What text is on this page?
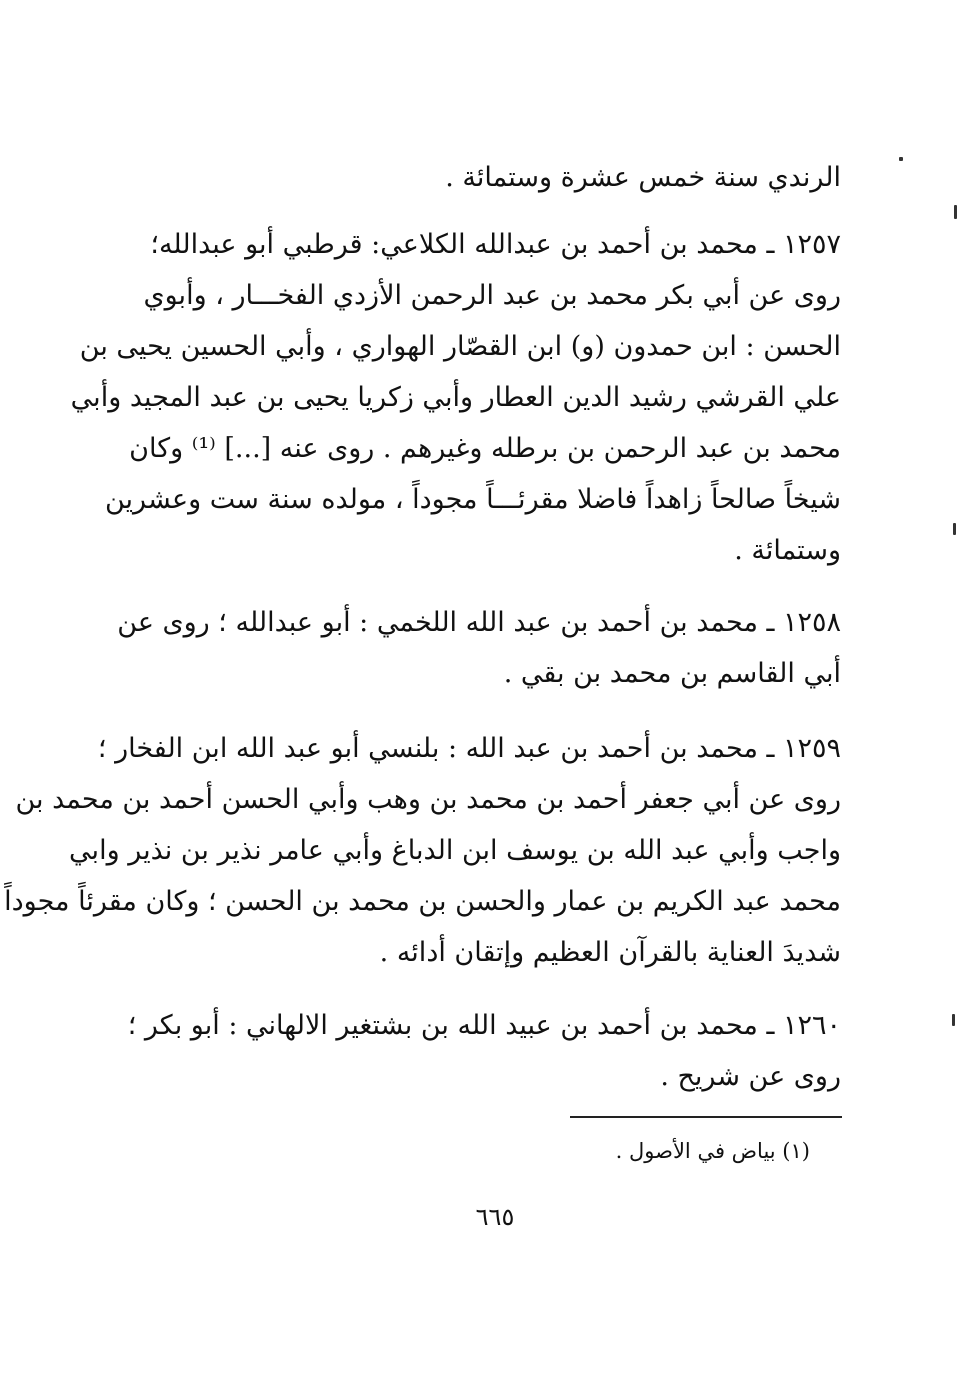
الرندي سنة خمس عشرة وستمائة .
١٢٥٧ ـ محمد بن أحمد بن عبدالله الكلاعي: قرطبي أبو عبدالله؛
روى عن أبي بكر محمد بن عبد الرحمن الأزدي الفخـــار ، وأبوي
الحسن : ابن حمدون (و) ابن القصّار الهواري ، وأبي الحسين يحيى بن
علي القرشي رشيد الدين العطار وأبي زكريا يحيى بن عبد المجيد وأبي
محمد بن عبد الرحمن بن برطله وغيرهم . روى عنه [...] ⁽¹⁾ وكان
شيخاً صالحاً زاهداً فاضلا مقرئـــاً مجوداً ، مولده سنة ست وعشرين
وستمائة .
١٢٥٨ ـ محمد بن أحمد بن عبد الله اللخمي : أبو عبدالله ؛ روى عن
أبي القاسم بن محمد بن بقي .
١٢٥٩ ـ محمد بن أحمد بن عبد الله : بلنسي أبو عبد الله ابن الفخار ؛
روى عن أبي جعفر أحمد بن محمد بن وهب وأبي الحسن أحمد بن محمد بن
واجب وأبي عبد الله بن يوسف ابن الدباغ وأبي عامر نذير بن نذير وابي
محمد عبد الكريم بن عمار والحسن بن محمد بن الحسن ؛ وكان مقرئاً مجوداً
شديدَ العناية بالقرآن العظيم وإتقان أدائه .
١٢٦٠ ـ محمد بن أحمد بن عبيد الله بن بشتغير الالهاني : أبو بكر ؛
روى عن شريح .
(١) بياض في الأصول .
٦٦٥
